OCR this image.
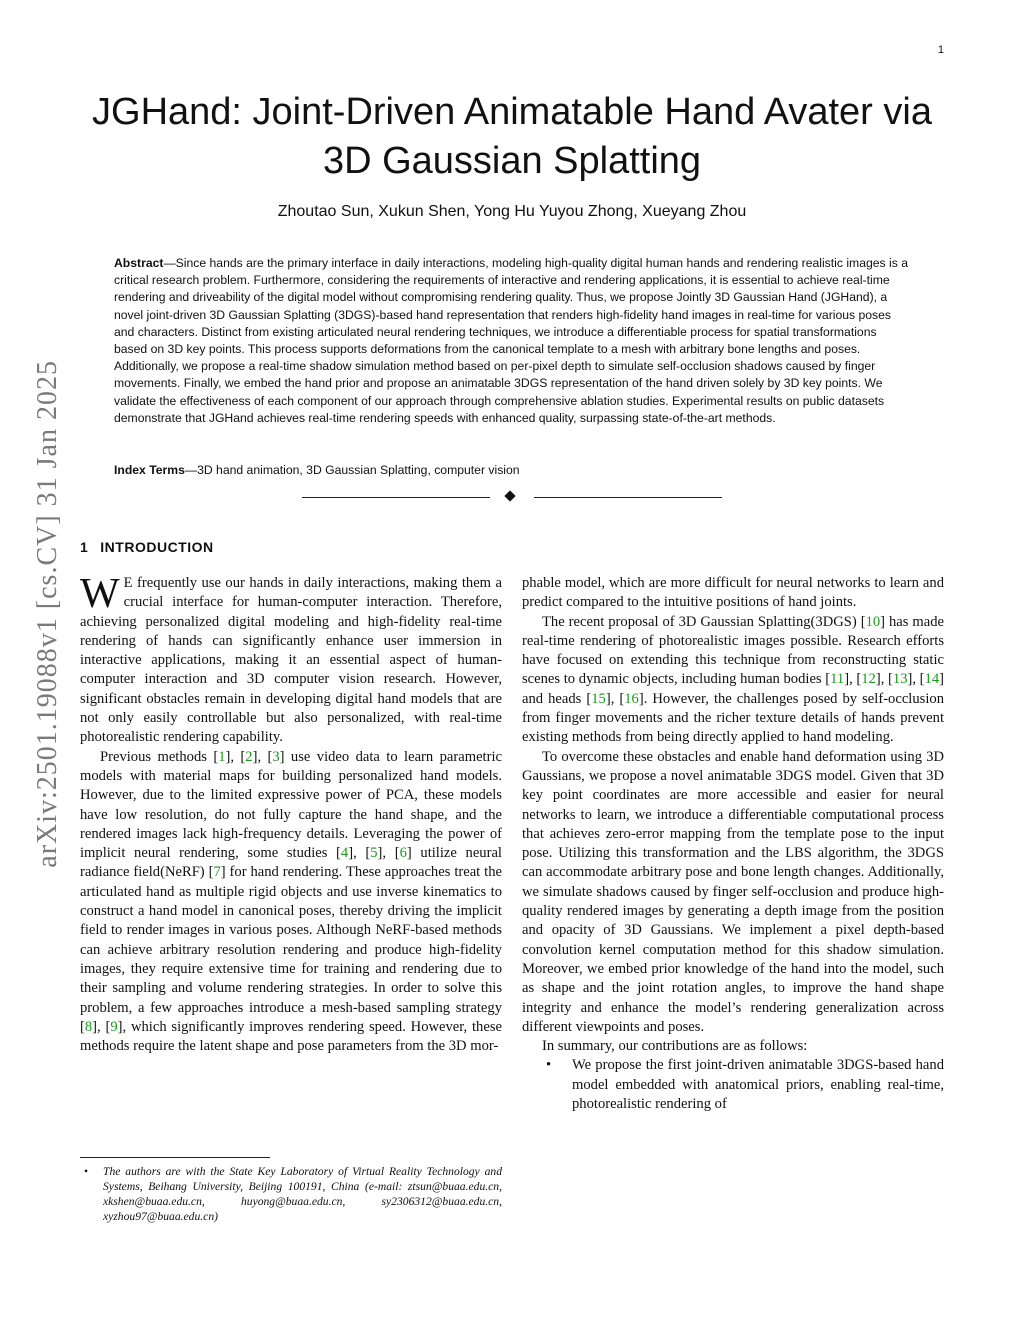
1
arXiv:2501.19088v1 [cs.CV] 31 Jan 2025
JGHand: Joint-Driven Animatable Hand Avater via 3D Gaussian Splatting
Zhoutao Sun, Xukun Shen, Yong Hu Yuyou Zhong, Xueyang Zhou
Abstract—Since hands are the primary interface in daily interactions, modeling high-quality digital human hands and rendering realistic images is a critical research problem. Furthermore, considering the requirements of interactive and rendering applications, it is essential to achieve real-time rendering and driveability of the digital model without compromising rendering quality. Thus, we propose Jointly 3D Gaussian Hand (JGHand), a novel joint-driven 3D Gaussian Splatting (3DGS)-based hand representation that renders high-fidelity hand images in real-time for various poses and characters. Distinct from existing articulated neural rendering techniques, we introduce a differentiable process for spatial transformations based on 3D key points. This process supports deformations from the canonical template to a mesh with arbitrary bone lengths and poses. Additionally, we propose a real-time shadow simulation method based on per-pixel depth to simulate self-occlusion shadows caused by finger movements. Finally, we embed the hand prior and propose an animatable 3DGS representation of the hand driven solely by 3D key points. We validate the effectiveness of each component of our approach through comprehensive ablation studies. Experimental results on public datasets demonstrate that JGHand achieves real-time rendering speeds with enhanced quality, surpassing state-of-the-art methods.
Index Terms—3D hand animation, 3D Gaussian Splatting, computer vision
1 INTRODUCTION

W E frequently use our hands in daily interactions, making them a crucial interface for human-computer interaction. Therefore, achieving personalized digital modeling and high-fidelity real-time rendering of hands can significantly enhance user immersion in interactive applications, making it an essential aspect of human-computer interaction and 3D computer vision research. However, significant obstacles remain in developing digital hand models that are not only easily controllable but also personalized, with real-time photorealistic rendering capability.

Previous methods [1], [2], [3] use video data to learn parametric models with material maps for building personalized hand models. However, due to the limited expressive power of PCA, these models have low resolution, do not fully capture the hand shape, and the rendered images lack high-frequency details. Leveraging the power of implicit neural rendering, some studies [4], [5], [6] utilize neural radiance field(NeRF) [7] for hand rendering. These approaches treat the articulated hand as multiple rigid objects and use inverse kinematics to construct a hand model in canonical poses, thereby driving the implicit field to render images in various poses. Although NeRF-based methods can achieve arbitrary resolution rendering and produce high-fidelity images, they require extensive time for training and rendering due to their sampling and volume rendering strategies. In order to solve this problem, a few approaches introduce a mesh-based sampling strategy [8], [9], which significantly improves rendering speed. However, these methods require the latent shape and pose parameters from the 3D mor-

• The authors are with the State Key Laboratory of Virtual Reality Technology and Systems, Beihang University, Beijing 100191, China (e-mail: ztsun@buaa.edu.cn, xkshen@buaa.edu.cn, huyong@buaa.edu.cn, sy2306312@buaa.edu.cn, xyzhou97@buaa.edu.cn)

phable model, which are more difficult for neural networks to learn and predict compared to the intuitive positions of hand joints.

The recent proposal of 3D Gaussian Splatting(3DGS) [10] has made real-time rendering of photorealistic images possible. Research efforts have focused on extending this technique from reconstructing static scenes to dynamic objects, including human bodies [11], [12], [13], [14] and heads [15], [16]. However, the challenges posed by self-occlusion from finger movements and the richer texture details of hands prevent existing methods from being directly applied to hand modeling.

To overcome these obstacles and enable hand deformation using 3D Gaussians, we propose a novel animatable 3DGS model. Given that 3D key point coordinates are more accessible and easier for neural networks to learn, we introduce a differentiable computational process that achieves zero-error mapping from the template pose to the input pose. Utilizing this transformation and the LBS algorithm, the 3DGS can accommodate arbitrary pose and bone length changes. Additionally, we simulate shadows caused by finger self-occlusion and produce high-quality rendered images by generating a depth image from the position and opacity of 3D Gaussians. We implement a pixel depth-based convolution kernel computation method for this shadow simulation. Moreover, we embed prior knowledge of the hand into the model, such as shape and the joint rotation angles, to improve the hand shape integrity and enhance the model’s rendering generalization across different viewpoints and poses.

In summary, our contributions are as follows:

• We propose the first joint-driven animatable 3DGS-based hand model embedded with anatomical priors, enabling real-time, photorealistic rendering of
